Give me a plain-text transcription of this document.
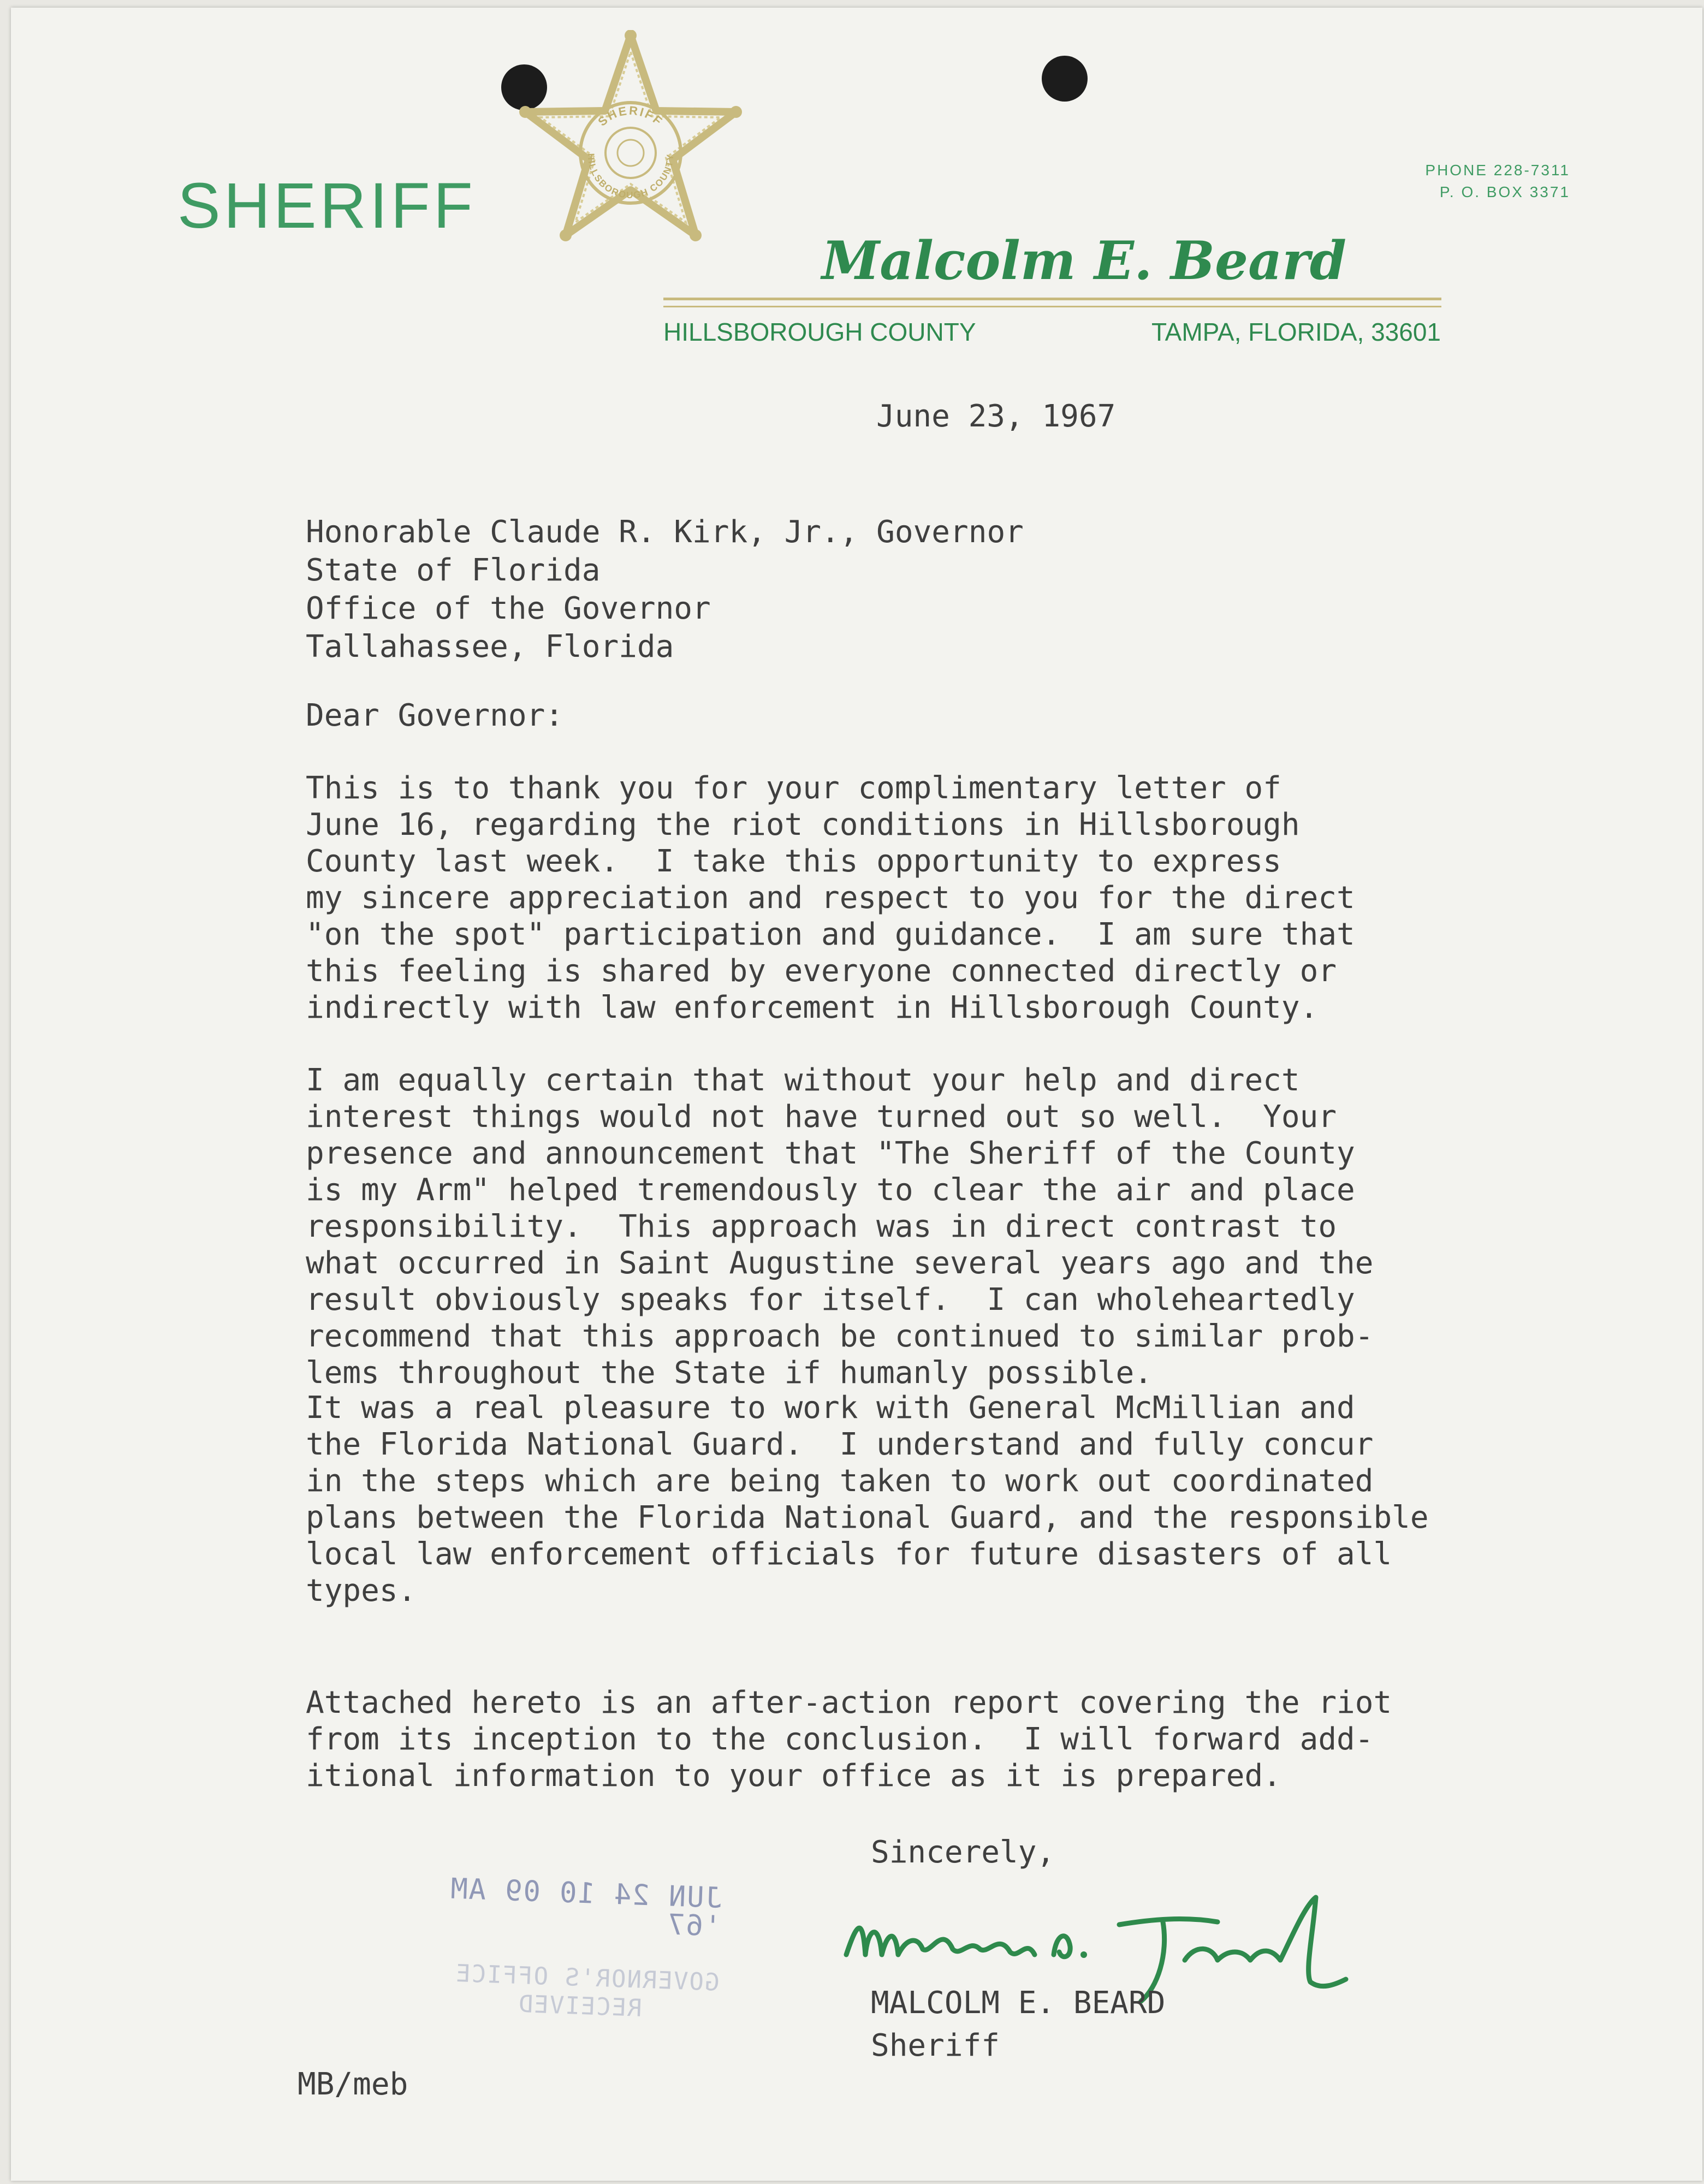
SHERIFF
SHERIFF
HILLSBOROUGH COUNTY
Malcolm E. Beard

HILLSBOROUGH COUNTY	TAMPA, FLORIDA, 33601

PHONE 228-7311
P. O. BOX 3371

June 23, 1967

Honorable Claude R. Kirk, Jr., Governor
State of Florida
Office of the Governor
Tallahassee, Florida

Dear Governor:

This is to thank you for your complimentary letter of
June 16, regarding the riot conditions in Hillsborough
County last week.  I take this opportunity to express
my sincere appreciation and respect to you for the direct
"on the spot" participation and guidance.  I am sure that
this feeling is shared by everyone connected directly or
indirectly with law enforcement in Hillsborough County.
I am equally certain that without your help and direct
interest things would not have turned out so well.  Your
presence and announcement that "The Sheriff of the County
is my Arm" helped tremendously to clear the air and place
responsibility.  This approach was in direct contrast to
what occurred in Saint Augustine several years ago and the
result obviously speaks for itself.  I can wholeheartedly
recommend that this approach be continued to similar prob-
lems throughout the State if humanly possible.
It was a real pleasure to work with General McMillian and
the Florida National Guard.  I understand and fully concur
in the steps which are being taken to work out coordinated
plans between the Florida National Guard, and the responsible
local law enforcement officials for future disasters of all
types.
Attached hereto is an after-action report covering the riot
from its inception to the conclusion.  I will forward add-
itional information to your office as it is prepared.

Sincerely,

MALCOLM E. BEARD
Sheriff

MB/meb

JUN 24 10 09 AM '67

GOVERNOR'S OFFICE
RECEIVED
